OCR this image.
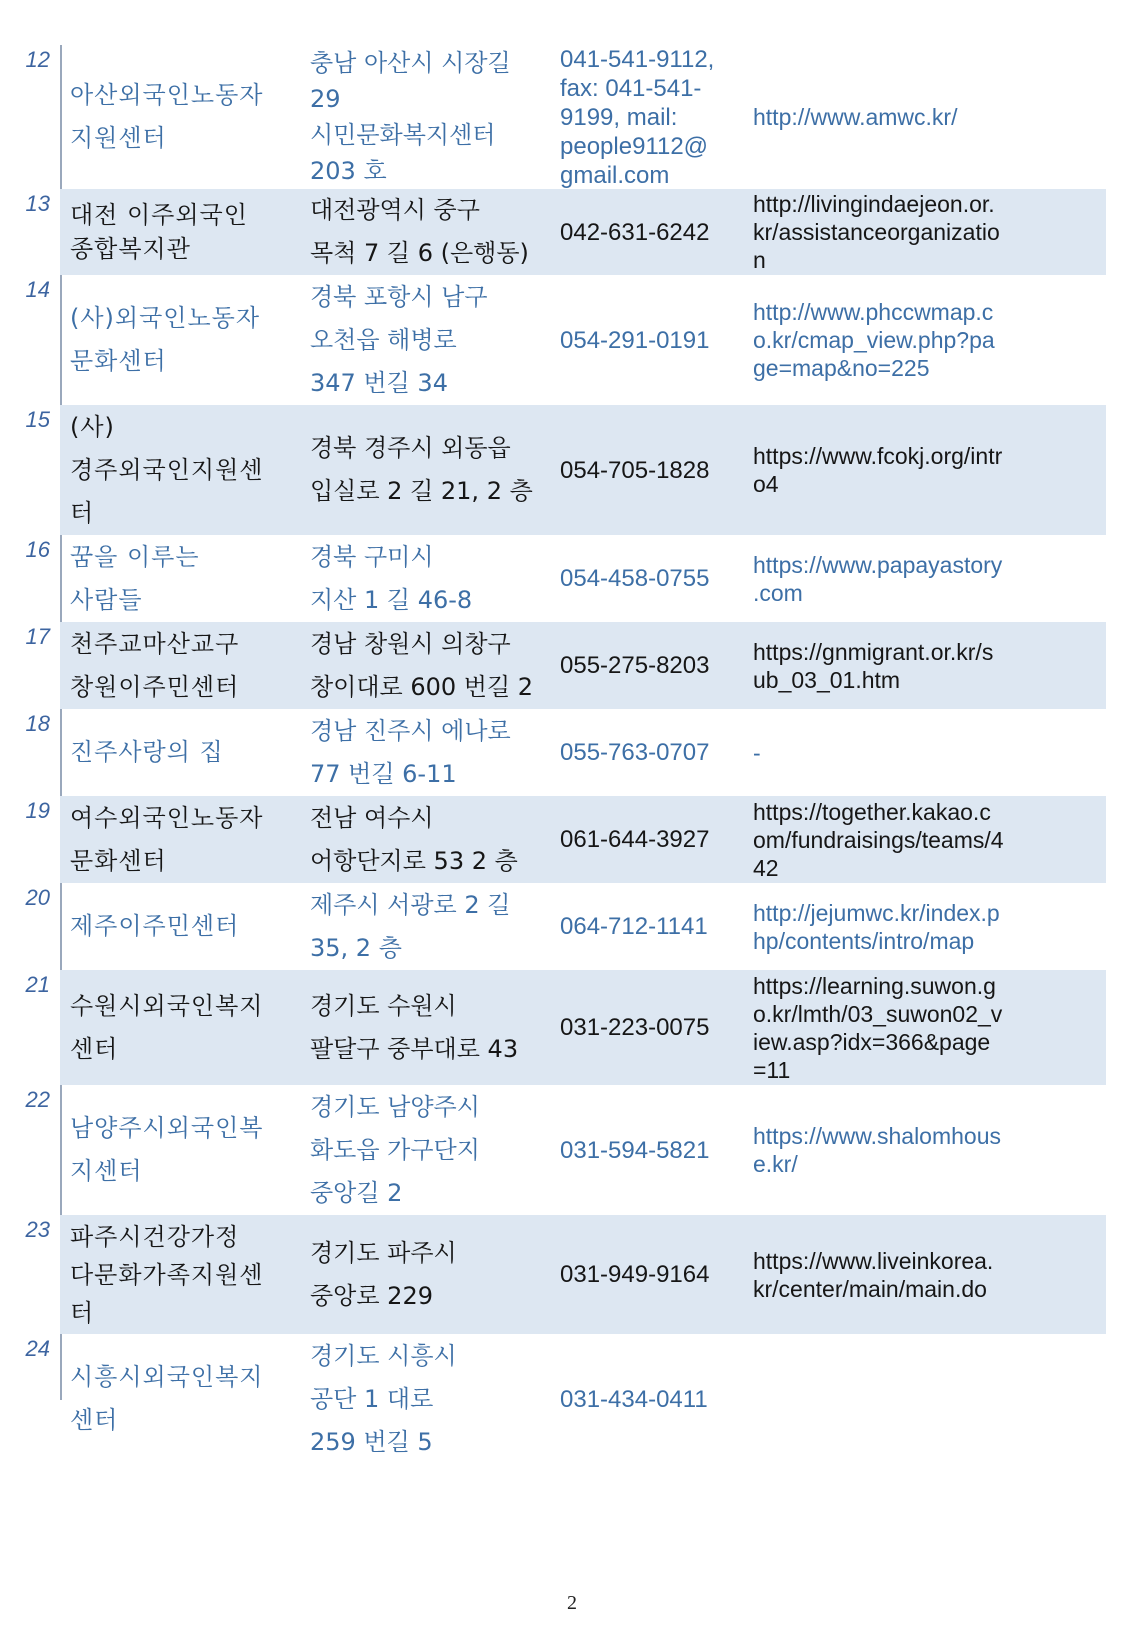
12
아산외국인노동자
지원센터
충남 아산시 시장길
29
시민문화복지센터
203 호
041-541-9112,
fax: 041-541-
9199, mail:
people9112@
gmail.com
http://www.amwc.kr/
13 대전 이주외국인
종합복지관
대전광역시 중구
목척 7 길 6 (은행동)
042-631-6242
http://livingindaejeon.or.
kr/assistanceorganizatio
n
14
(사)외국인노동자
문화센터
경북 포항시 남구
오천읍 해병로
347 번길 34
054-291-0191
http://www.phccwmap.c
o.kr/cmap_view.php?pa
ge=map&no=225
15 (사)
경주외국인지원센
터
경북 경주시 외동읍
입실로 2 길 21, 2 층
054-705-1828
https://www.fcokj.org/intr
o4
16 꿈을 이루는
사람들
경북 구미시
지산 1 길 46-8
054-458-0755
https://www.papayastory
.com
17 천주교마산교구
창원이주민센터
경남 창원시 의창구
창이대로 600 번길 2
055-275-8203
https://gnmigrant.or.kr/s
ub_03_01.htm
18
진주사랑의 집
경남 진주시 에나로
77 번길 6-11
055-763-0707	-
19 여수외국인노동자
문화센터
전남 여수시
어항단지로 53 2 층
061-644-3927
https://together.kakao.c
om/fundraisings/teams/4
42
20
제주이주민센터
제주시 서광로 2 길
35, 2 층
064-712-1141
http://jejumwc.kr/index.p
hp/contents/intro/map
21
수원시외국인복지
센터
경기도 수원시
팔달구 중부대로 43
031-223-0075
https://learning.suwon.g
o.kr/lmth/03_suwon02_v
iew.asp?idx=366&page
=11
22
남양주시외국인복
지센터
경기도 남양주시
화도읍 가구단지
중앙길 2
031-594-5821
https://www.shalomhous
e.kr/
23 파주시건강가정
다문화가족지원센
터
경기도 파주시
중앙로 229
031-949-9164
https://www.liveinkorea.
kr/center/main/main.do
24
시흥시외국인복지
센터
경기도 시흥시
공단 1 대로
259 번길 5
031-434-0411
2
